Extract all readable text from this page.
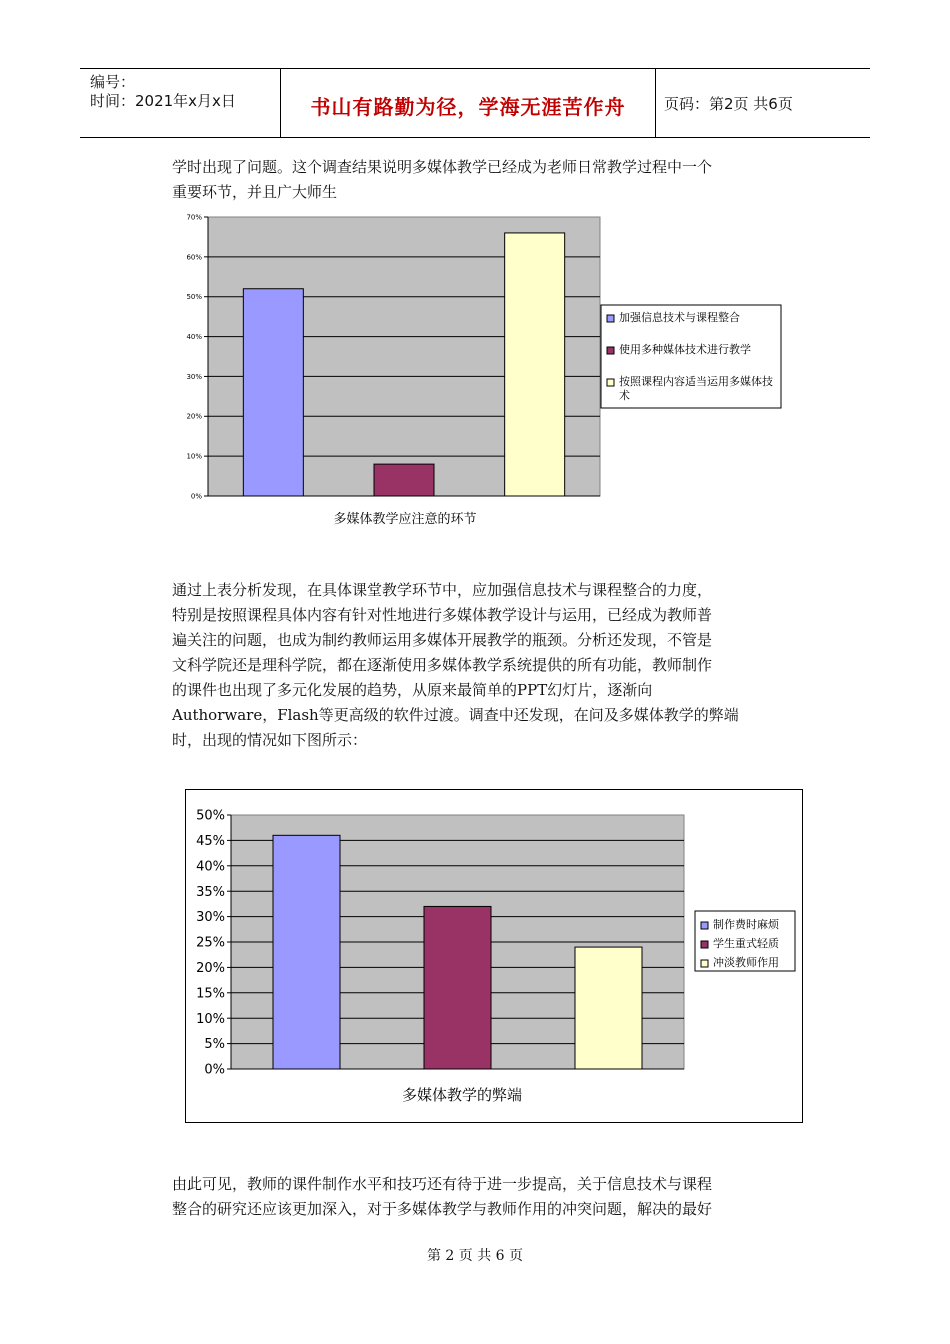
编号：
时间：2021年x月x日	书山有路勤为径，学海无涯苦作舟	页码：第2页 共6页
学时出现了问题。这个调查结果说明多媒体教学已经成为老师日常教学过程中一个
重要环节，并且广大师生
0%
10%
20%
30%
40%
50%
60%
70%
多媒体教学应注意的环节
加强信息技术与课程整合
使用多种媒体技术进行教学
按照课程内容适当运用多媒体技
术
通过上表分析发现，在具体课堂教学环节中，应加强信息技术与课程整合的力度，
特别是按照课程具体内容有针对性地进行多媒体教学设计与运用，已经成为教师普
遍关注的问题，也成为制约教师运用多媒体开展教学的瓶颈。分析还发现，不管是
文科学院还是理科学院，都在逐渐使用多媒体教学系统提供的所有功能，教师制作
的课件也出现了多元化发展的趋势，从原来最简单的PPT幻灯片，逐渐向
Authorware，Flash等更高级的软件过渡。调查中还发现，在问及多媒体教学的弊端
时，出现的情况如下图所示：
0%
5%
10%
15%
20%
25%
30%
35%
40%
45%
50%
多媒体教学的弊端
制作费时麻烦
学生重式轻质
冲淡教师作用
由此可见，教师的课件制作水平和技巧还有待于进一步提高，关于信息技术与课程
整合的研究还应该更加深入，对于多媒体教学与教师作用的冲突问题，解决的最好
第 2 页 共 6 页
